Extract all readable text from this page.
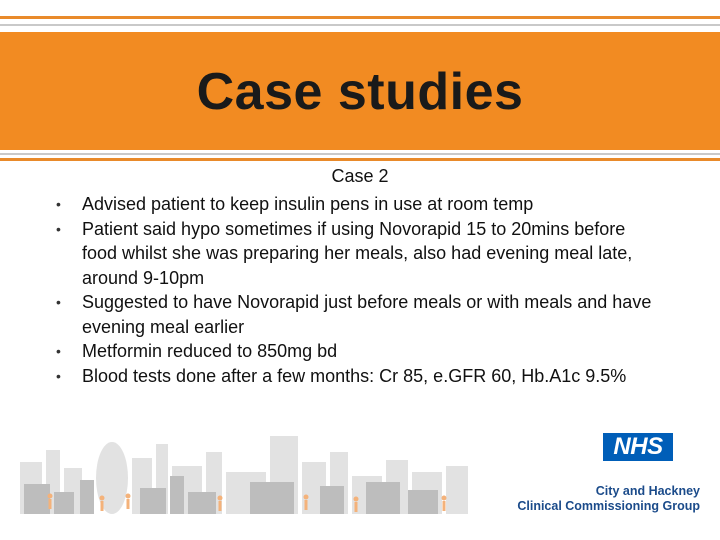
Case studies
Case 2
• Advised patient to keep insulin pens in use at room temp
• Patient said hypo sometimes if using Novorapid 15 to 20mins before food whilst she was preparing her meals, also had evening meal late, around 9-10pm
• Suggested to have Novorapid just before meals or with meals and have evening meal earlier
• Metformin reduced to 850mg bd
• Blood tests done after a few months: Cr 85, e.GFR 60, Hb.A1c 9.5%
NHS
City and Hackney
Clinical Commissioning Group
